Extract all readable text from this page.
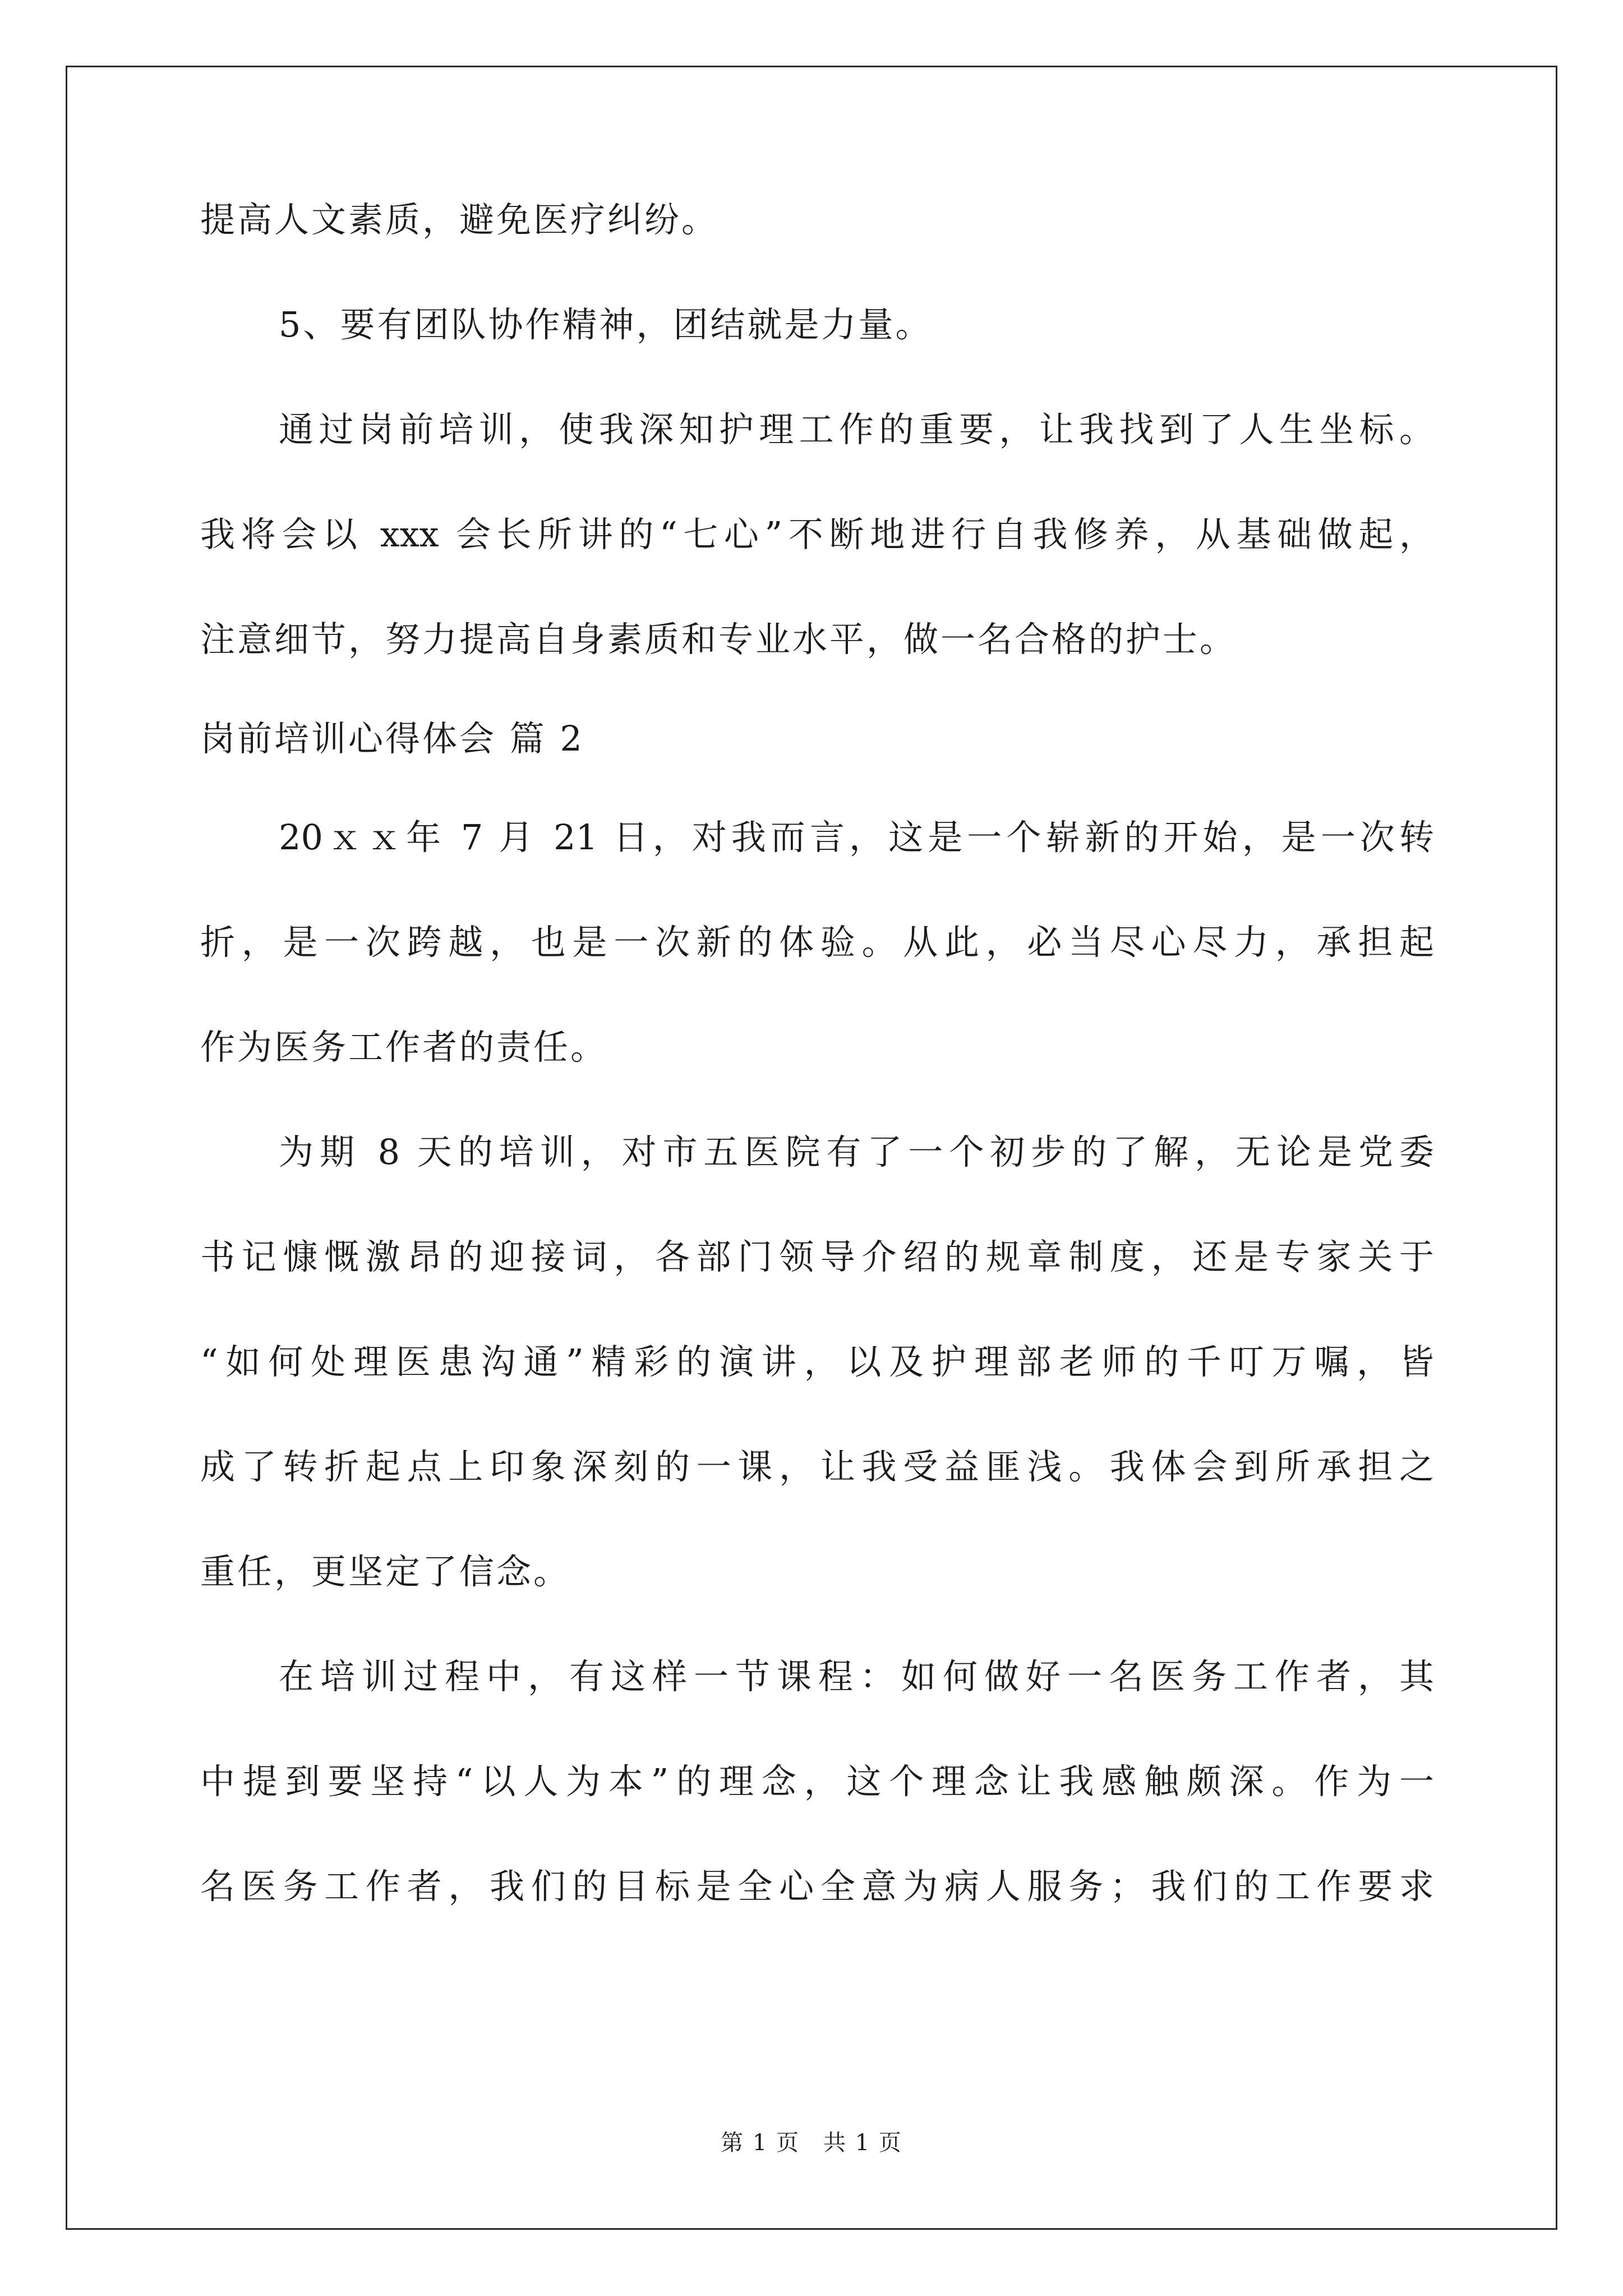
提高人文素质，避免医疗纠纷。
5、要有团队协作精神，团结就是力量。
通过岗前培训，使我深知护理工作的重要，让我找到了人生坐标。
我将会以 xxx 会长所讲的“七心”不断地进行自我修养，从基础做起，
注意细节，努力提高自身素质和专业水平，做一名合格的护士。
岗前培训心得体会 篇 2
20ｘｘ年 7 月 21 日，对我而言，这是一个崭新的开始，是一次转
折，是一次跨越，也是一次新的体验。从此，必当尽心尽力，承担起
作为医务工作者的责任。
为期 8 天的培训，对市五医院有了一个初步的了解，无论是党委
书记慷慨激昂的迎接词，各部门领导介绍的规章制度，还是专家关于
“如何处理医患沟通”精彩的演讲，以及护理部老师的千叮万嘱，皆
成了转折起点上印象深刻的一课，让我受益匪浅。我体会到所承担之
重任，更坚定了信念。
在培训过程中，有这样一节课程：如何做好一名医务工作者，其
中提到要坚持“以人为本”的理念，这个理念让我感触颇深。作为一
名医务工作者，我们的目标是全心全意为病人服务；我们的工作要求
第 1 页　共 1 页
